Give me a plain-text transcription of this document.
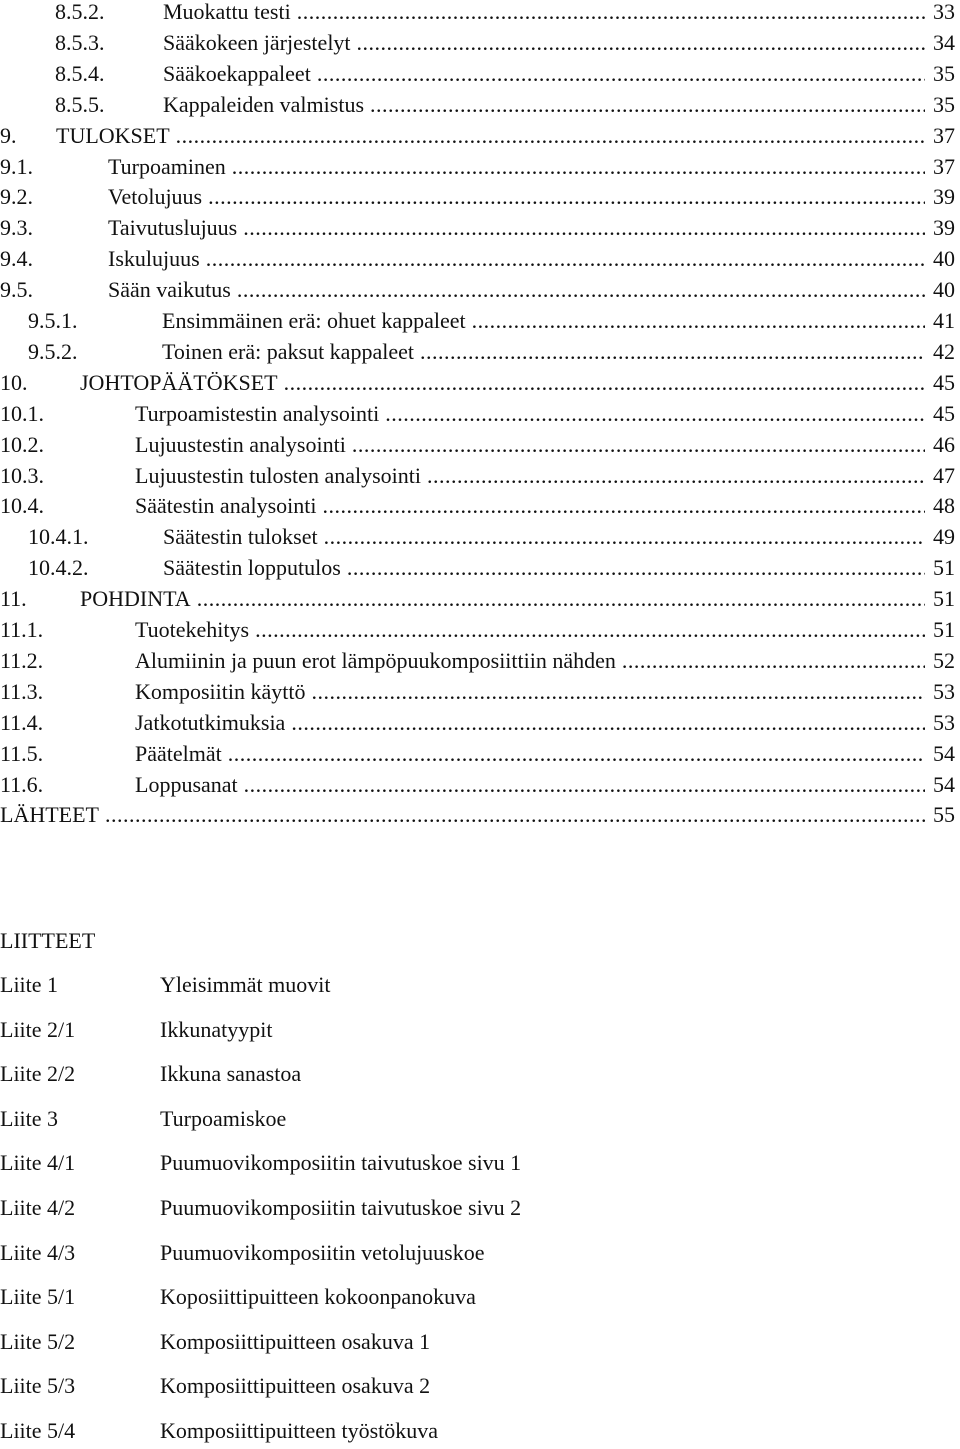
8.5.2.	Muokattu testi .....	33
8.5.3.	Sääkokeen järjestelyt .....	34
8.5.4.	Sääkoekappaleet .....	35
8.5.5.	Kappaleiden valmistus .....	35
9. TULOKSET .....	37
9.1.	Turpoaminen .....	37
9.2.	Vetolujuus .....	39
9.3.	Taivutuslujuus .....	39
9.4.	Iskulujuus .....	40
9.5.	Sään vaikutus .....	40
9.5.1.	Ensimmäinen erä: ohuet kappaleet .....	41
9.5.2.	Toinen erä: paksut kappaleet .....	42
10. JOHTOPÄÄTÖKSET .....	45
10.1.	Turpoamistestin analysointi .....	45
10.2.	Lujuustestin analysointi .....	46
10.3.	Lujuustestin tulosten analysointi .....	47
10.4.	Säätestin analysointi .....	48
10.4.1.	Säätestin tulokset .....	49
10.4.2.	Säätestin lopputulos .....	51
11. POHDINTA .....	51
11.1.	Tuotekehitys .....	51
11.2.	Alumiinin ja puun erot lämpöpuukomposiittiin nähden .....	52
11.3.	Komposiitin käyttö .....	53
11.4.	Jatkotutkimuksia .....	53
11.5.	Päätelmät .....	54
11.6.	Loppusanat .....	54
LÄHTEET .....	55
LIITTEET
Liite 1	Yleisimmät muovit
Liite 2/1	Ikkunatyypit
Liite 2/2	Ikkuna sanastoa
Liite 3	Turpoamiskoe
Liite 4/1	Puumuovikomposiitin taivutuskoe sivu 1
Liite 4/2	Puumuovikomposiitin taivutuskoe sivu 2
Liite 4/3	Puumuovikomposiitin vetolujuuskoe
Liite 5/1	Koposiittipuitteen kokoonpanokuva
Liite 5/2	Komposiittipuitteen osakuva 1
Liite 5/3	Komposiittipuitteen osakuva 2
Liite 5/4	Komposiittipuitteen työstökuva
